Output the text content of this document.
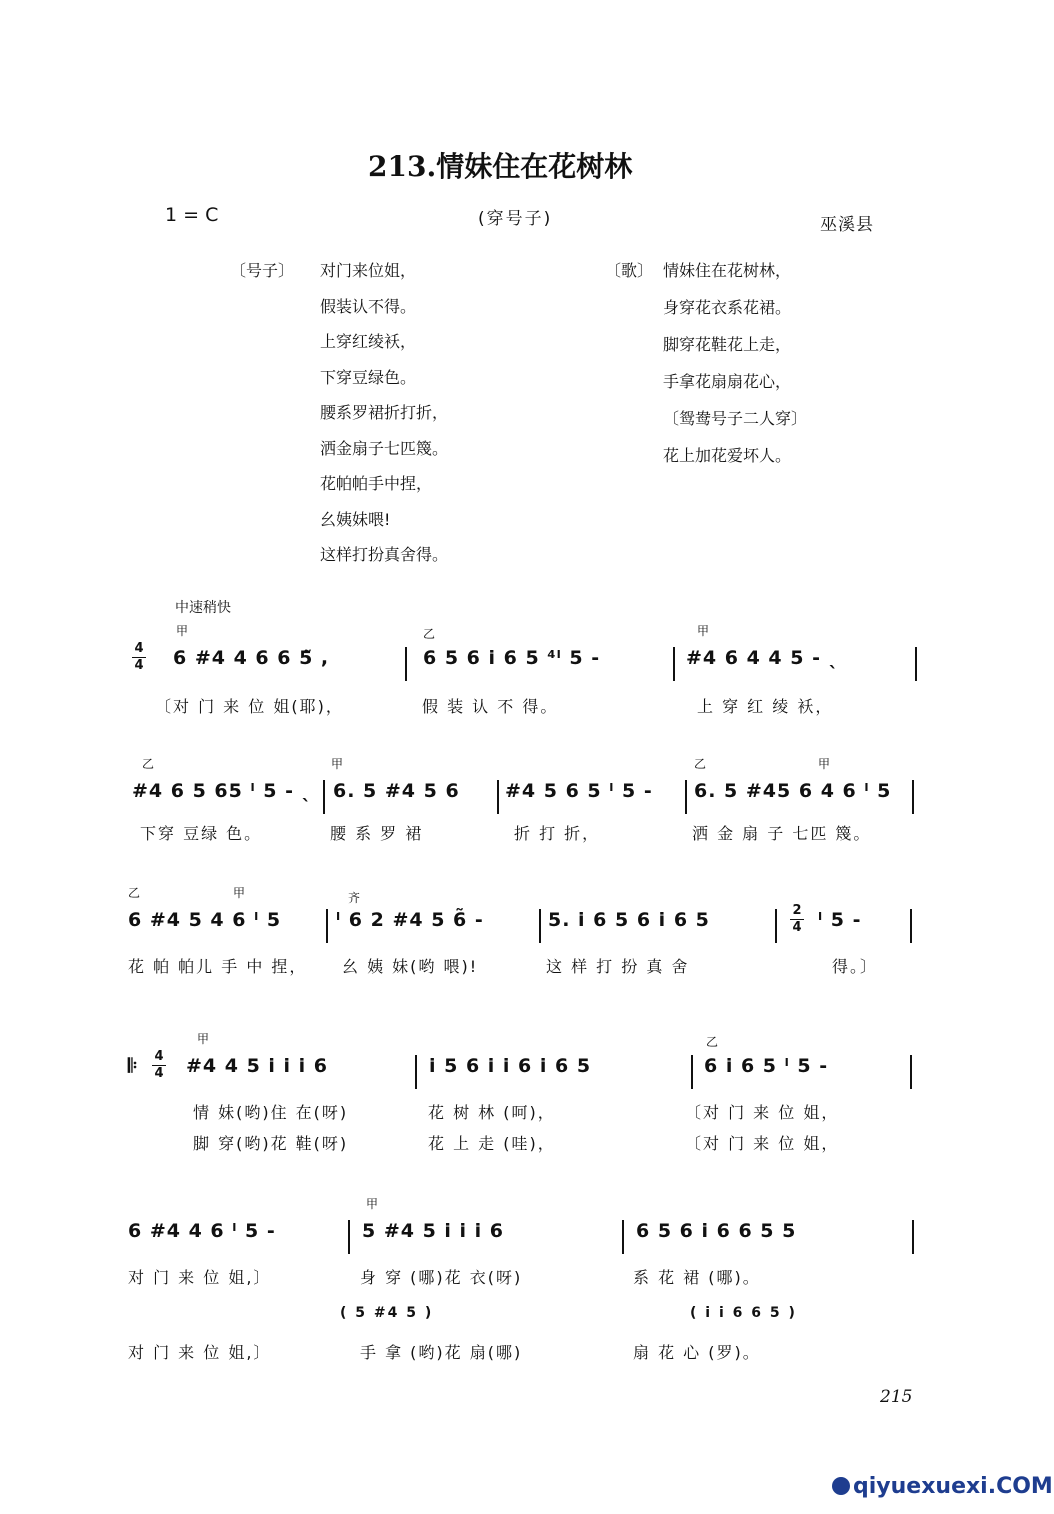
213.情妹住在花树林
1 = C	(穿号子)	巫溪县
〔号子〕 对门来位姐，
假装认不得。
上穿红绫袄，
下穿豆绿色。
腰系罗裙折打折，
洒金扇子七匹篾。
花帕帕手中捏，
幺姨妹喂!
这样打扮真舍得。
〔歌〕 情妹住在花树林，
身穿花衣系花裙。
脚穿花鞋花上走，
手拿花扇扇花心，
〔鸳鸯号子二人穿〕
花上加花爱坏人。
中速稍快
4
4
甲	乙	甲
6 #4 4 6 6 5̃ ,	6 5 6 i 6 5 ⁴ˡ 5 -	#4 6 4 4 5 - ˎ
〔对 门 来 位 姐(耶)，	假 装 认 不 得。	上 穿 红 绫 袄，
乙	甲	乙	甲
#4 6 5 65 ˡ 5 - ˎ 6. 5 #4 5 6 #4 5 6 5 ˡ 5 - 6. 5 #45 6 4 6 ˡ 5
下穿 豆绿 色。	腰 系 罗 裙	折 打 折，	洒 金 扇 子 七匹 篾。
乙	甲	齐
6 #4 5 4 6 ˡ 5	ˡ 6 2 #4 5 6̃ -	5. i 6 5 6 i 6 5	2
4 ˡ 5 -
花 帕 帕儿 手 中 捏， 幺 姨 妹(哟 喂)!	这 样 打 扮 真 舍	得。〕
𝄆 4
4
甲	乙
#4 4 5 i i i 6	i 5 6 i i 6 i 6 5	6 i 6 5 ˡ 5 -
情 妹(哟)住 在(呀)	花 树 林 (呵)，	〔对 门 来 位 姐，
脚 穿(哟)花 鞋(呀)	花 上 走 (哇)，	〔对 门 来 位 姐，
甲
6 #4 4 6 ˡ 5 -	5 #4 5 i i i 6	6 5 6 i 6 6 5 5
对 门 来 位 姐,〕	身 穿 (哪)花 衣(呀)	系 花 裙 (哪)。
( 5 #4 5 )	( i i 6 6 5 )
对 门 来 位 姐,〕	手 拿 (哟)花 扇(哪)	扇 花 心 (罗)。
215
qiyuexuexi.COM
